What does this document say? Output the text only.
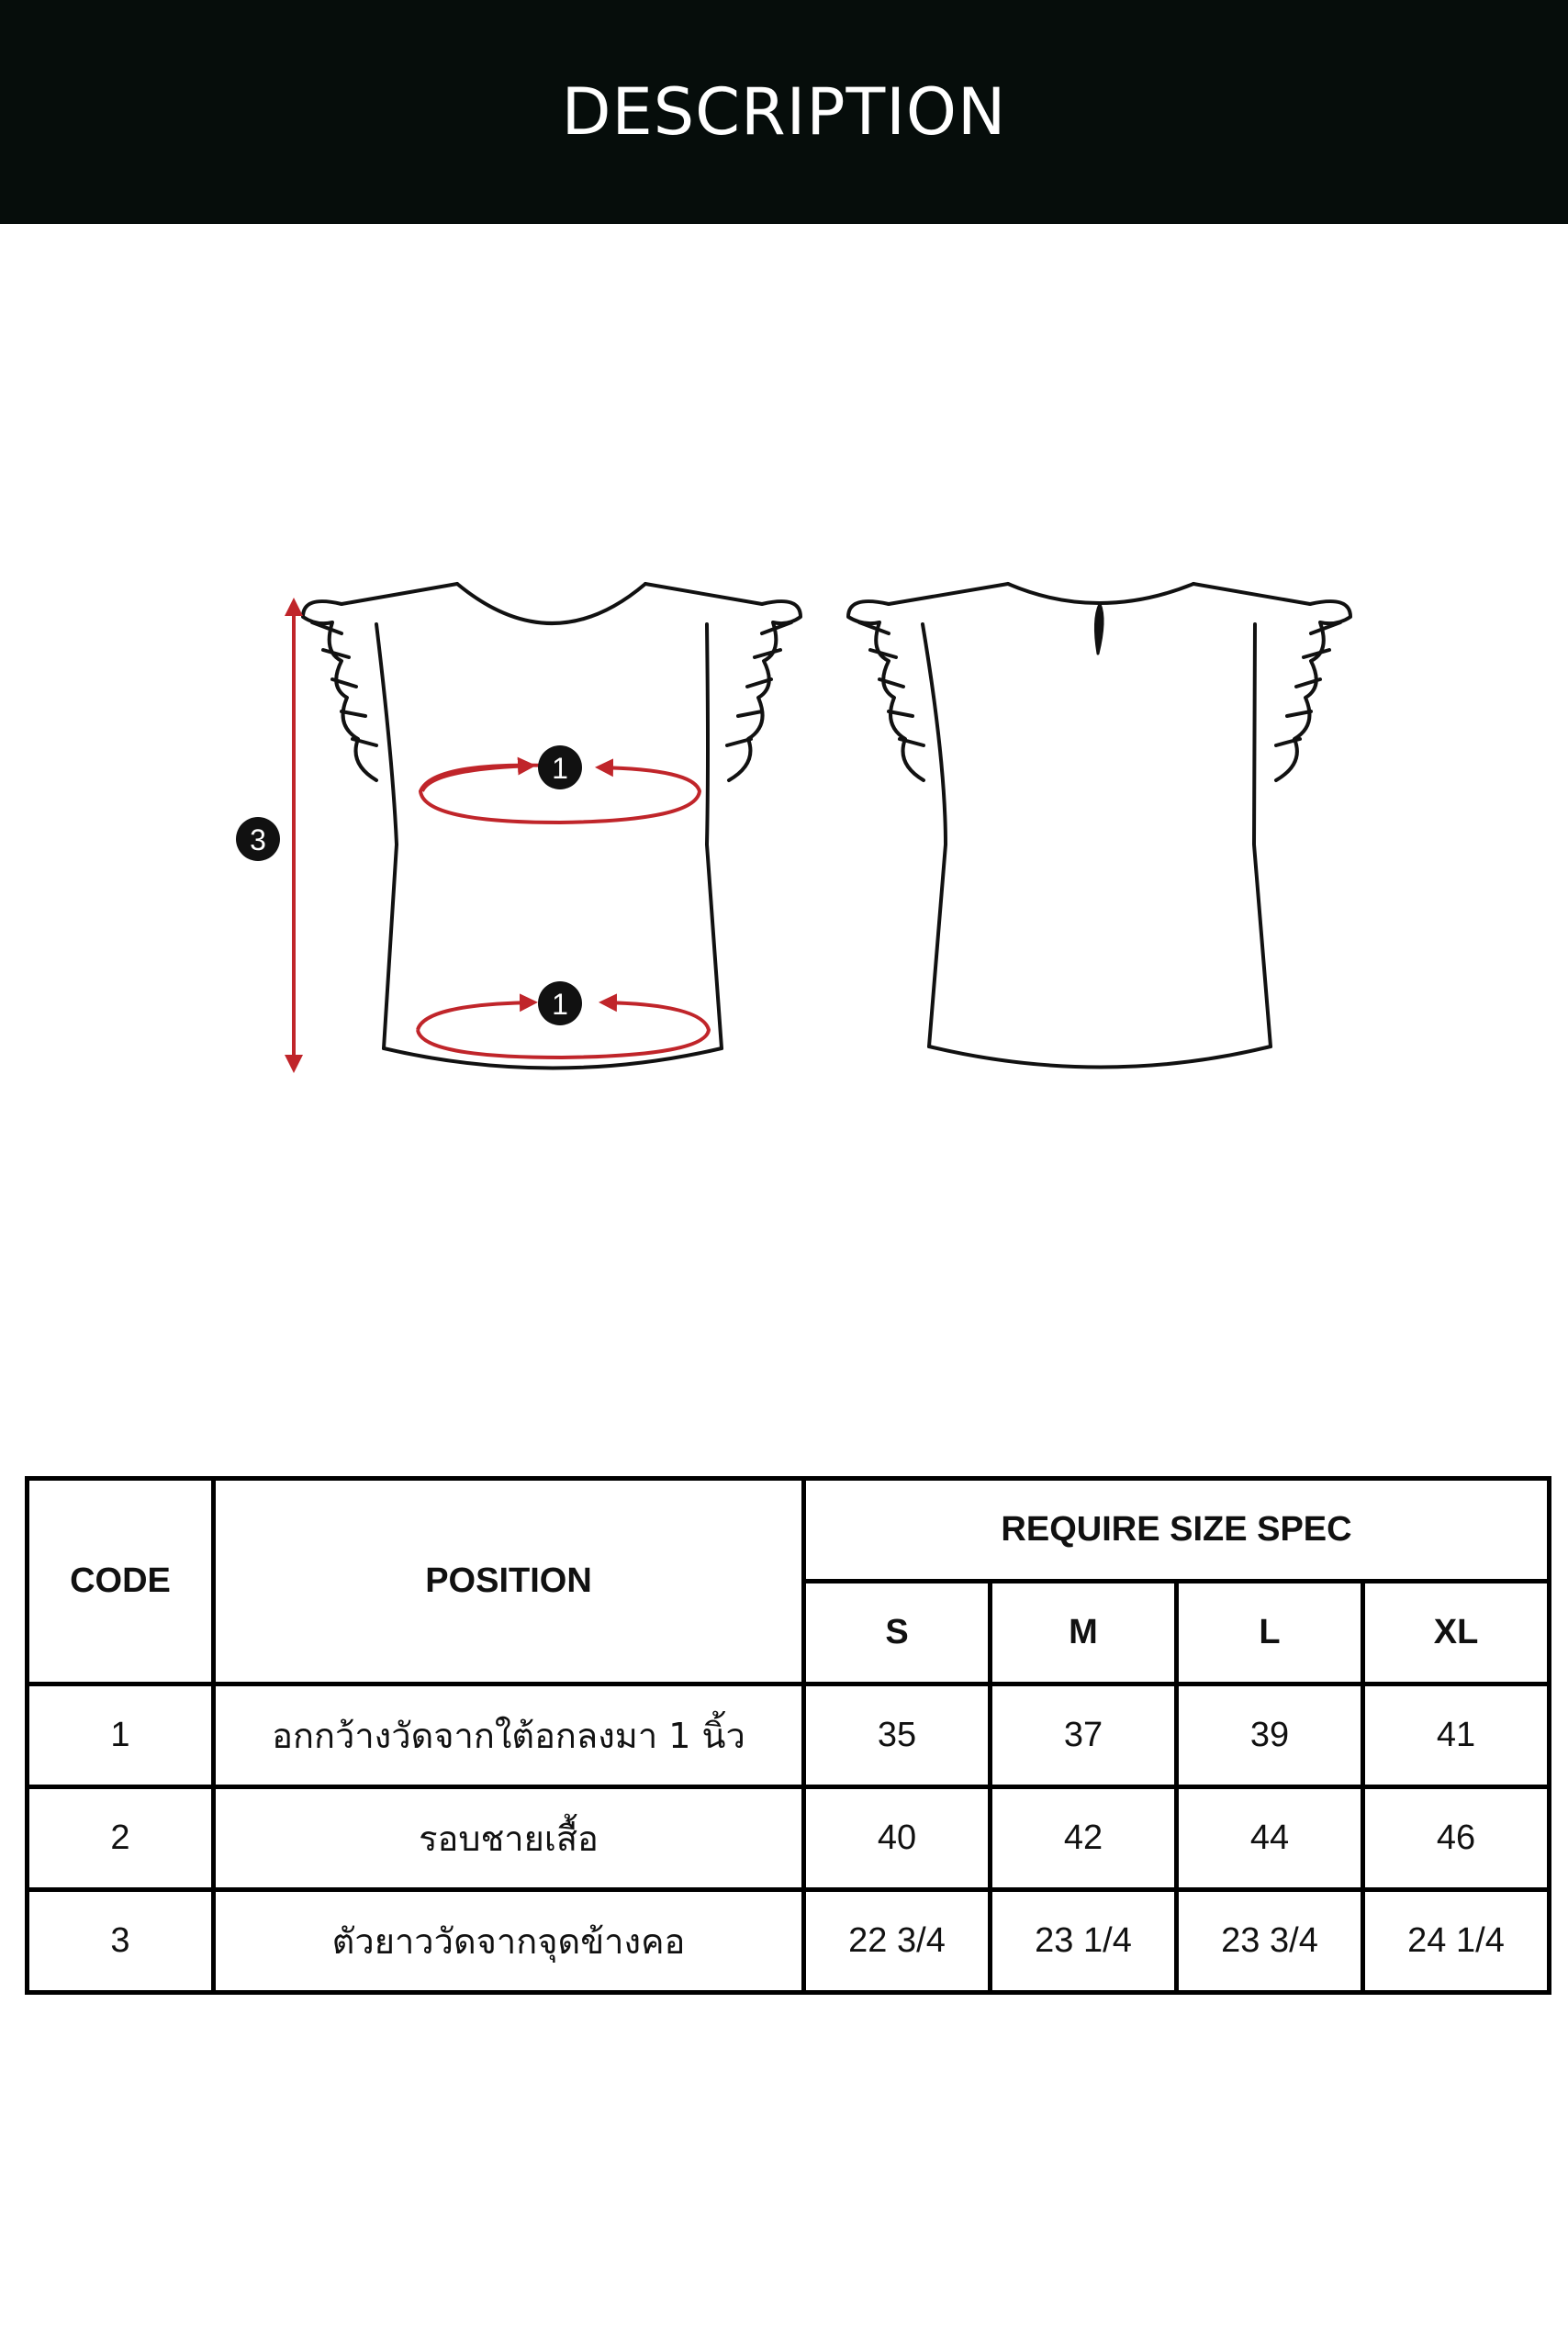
DESCRIPTION
1
1
3
CODE	POSITION	REQUIRE SIZE SPEC			
		S	M	L	XL
1	อกกว้างวัดจากใต้อกลงมา 1 นิ้ว	35	37	39	41
2	รอบชายเสื้อ	40	42	44	46
3	ตัวยาววัดจากจุดข้างคอ	22 3/4	23 1/4	23 3/4	24 1/4
